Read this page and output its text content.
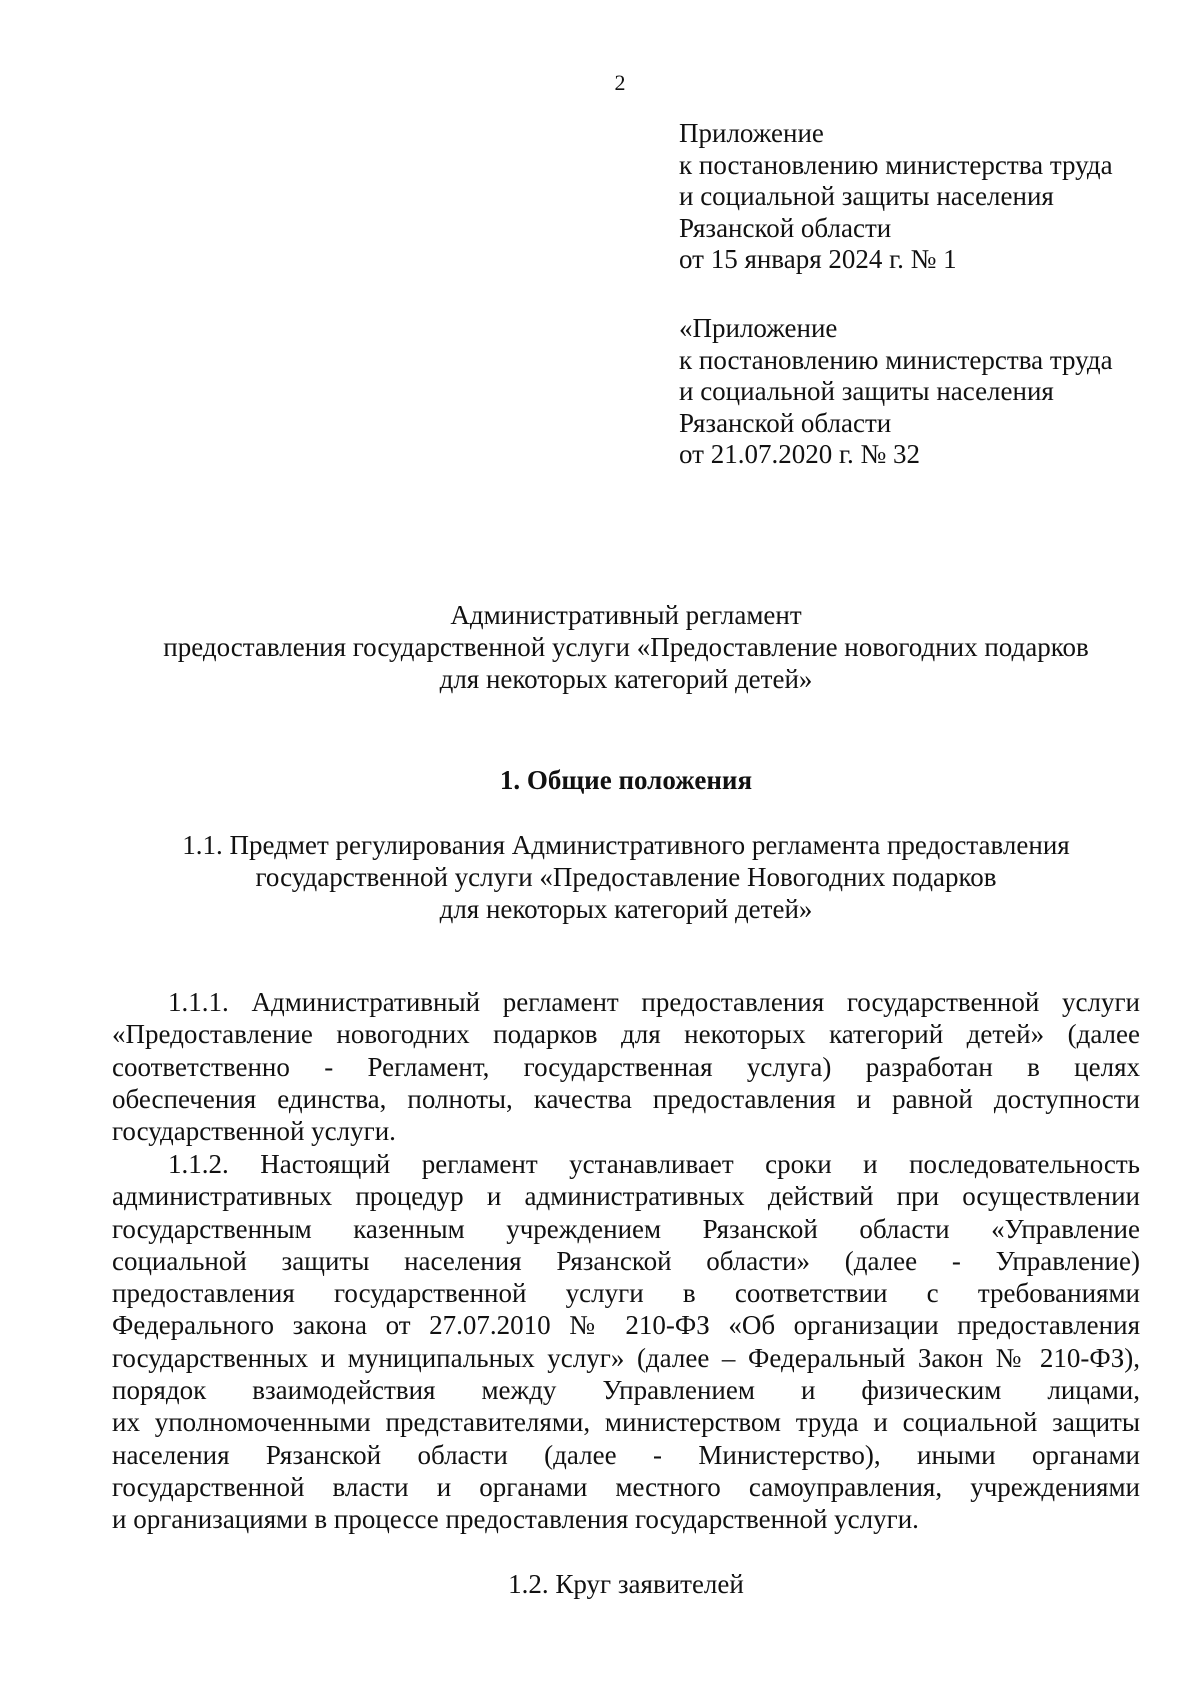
2
Приложение
к постановлению министерства труда
и социальной защиты населения
Рязанской области
от 15 января 2024 г. № 1
«Приложение
к постановлению министерства труда
и социальной защиты населения
Рязанской области
от 21.07.2020 г. № 32
Административный регламент
предоставления государственной услуги «Предоставление новогодних подарков
для некоторых категорий детей»
1. Общие положения
1.1. Предмет регулирования Административного регламента предоставления
государственной услуги «Предоставление Новогодних подарков
для некоторых категорий детей»
1.1.1. Административный регламент предоставления государственной услуги
«Предоставление новогодних подарков для некоторых категорий детей» (далее
соответственно - Регламент, государственная услуга) разработан в целях
обеспечения единства, полноты, качества предоставления и равной доступности
государственной услуги.
1.1.2. Настоящий регламент устанавливает сроки и последовательность
административных процедур и административных действий при осуществлении
государственным казенным учреждением Рязанской области «Управление
социальной защиты населения Рязанской области» (далее - Управление)
предоставления государственной услуги в соответствии с требованиями
Федерального закона от 27.07.2010 № 210-ФЗ «Об организации предоставления
государственных и муниципальных услуг» (далее – Федеральный Закон № 210-ФЗ),
порядок взаимодействия между Управлением и физическим лицами,
их уполномоченными представителями, министерством труда и социальной защиты
населения Рязанской области (далее - Министерство), иными органами
государственной власти и органами местного самоуправления, учреждениями
и организациями в процессе предоставления государственной услуги.
1.2. Круг заявителей
